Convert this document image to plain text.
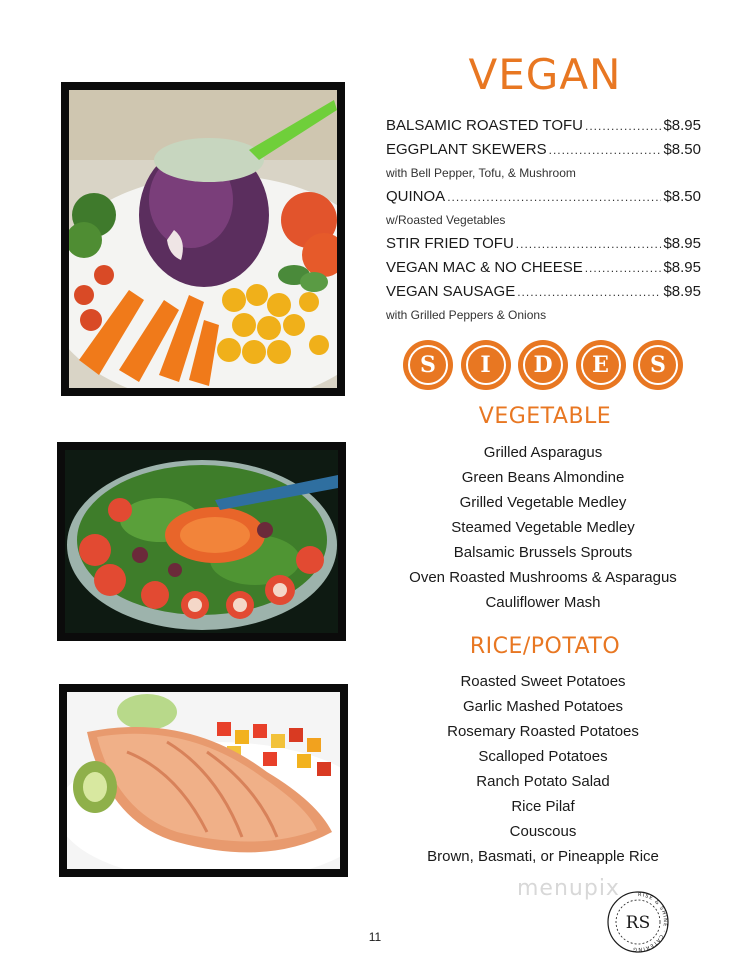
VEGAN
BALSAMIC ROASTED TOFU .....	$8.95
EGGPLANT SKEWERS .....	$8.50
with Bell Pepper, Tofu, & Mushroom
QUINOA .....	$8.50
w/Roasted Vegetables
STIR FRIED TOFU .....	$8.95
VEGAN MAC & NO CHEESE .....	$8.95
VEGAN SAUSAGE .....	$8.95
with Grilled Peppers & Onions
S	I	D	E	S
VEGETABLE
Grilled Asparagus
Green Beans Almondine
Grilled Vegetable Medley
Steamed Vegetable Medley
Balsamic Brussels Sprouts
Oven Roasted Mushrooms & Asparagus
Cauliflower Mash
RICE/POTATO
Roasted Sweet Potatoes
Garlic Mashed Potatoes
Rosemary Roasted Potatoes
Scalloped Potatoes
Ranch Potato Salad
Rice Pilaf
Couscous
Brown, Basmati, or Pineapple Rice
menupix
11
RISE & SHINE · CATERING
RS
